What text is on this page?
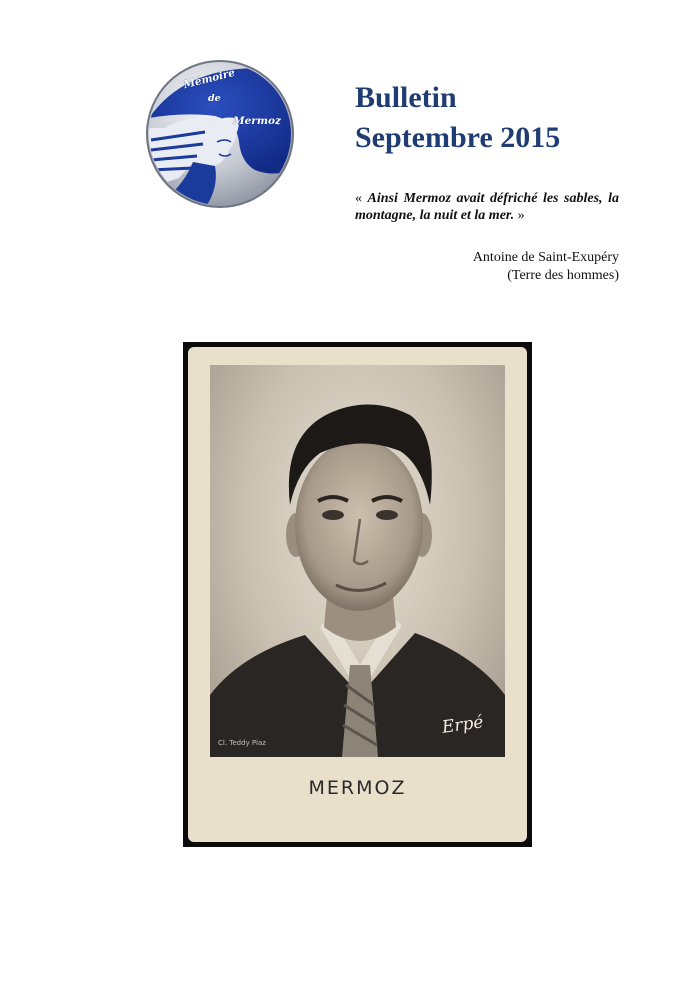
Mémoire
de
Mermoz
Bulletin
Septembre 2015
« Ainsi Mermoz avait défriché les sables, la montagne, la nuit et la mer. »
Antoine de Saint-Exupéry
(Terre des hommes)
Cl. Teddy Piaz
Erpé
MERMOZ
